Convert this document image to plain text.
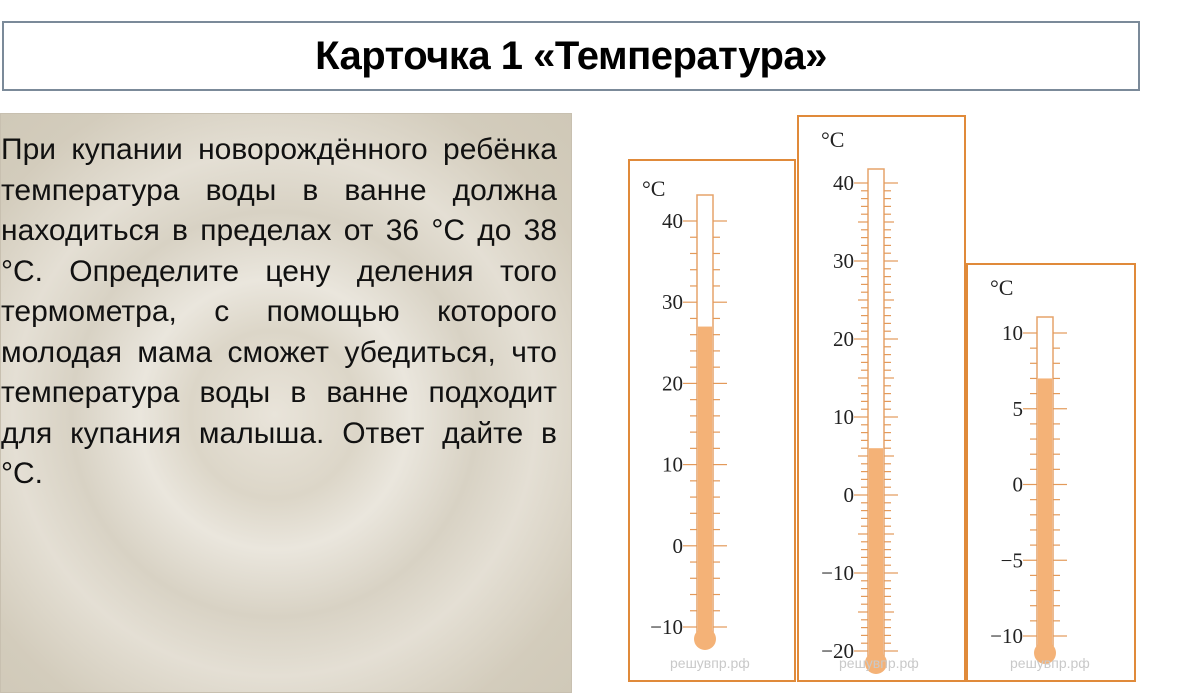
Карточка 1 «Температура»

При купании новорождённого ребёнка температура воды в ванне должна находиться в пределах от 36 °C до 38 °C. Определите цену деления того термометра, с помощью которого молодая мама сможет убедиться, что температура воды в ванне подходит для купания малыша. Ответ дайте в °C.

°C
40
30
20
10
0
−10
решувпр.рф
°C
40
30
20
10
0
−10
−20
решувпр.рф
°C
10
5
0
−5
−10
решувпр.рф
